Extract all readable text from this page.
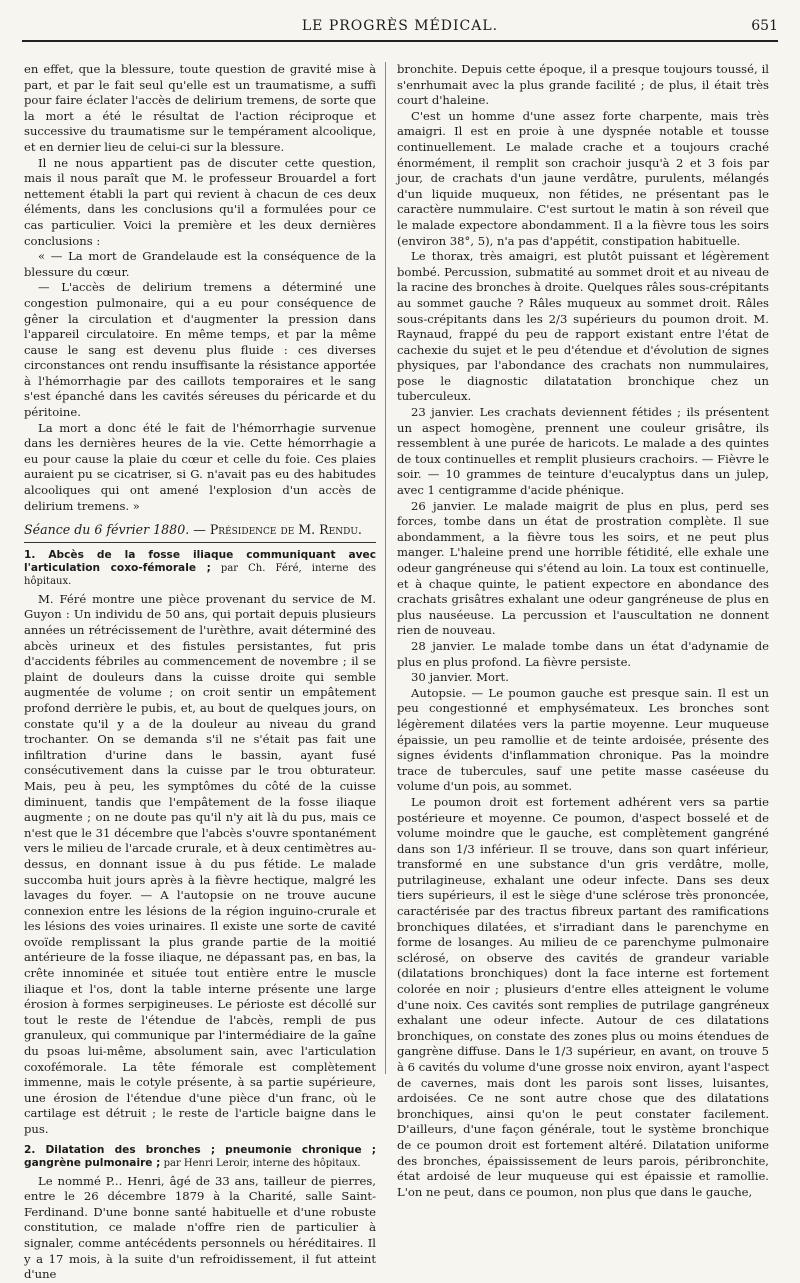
LE PROGRÈS MÉDICAL.	651

en effet, que la blessure, toute question de gravité mise à part, et par le fait seul qu'elle est un traumatisme, a suffi pour faire éclater l'accès de delirium tremens, de sorte que la mort a été le résultat de l'action réciproque et successive du traumatisme sur le tempérament alcoolique, et en dernier lieu de celui-ci sur la blessure.

Il ne nous appartient pas de discuter cette question, mais il nous paraît que M. le professeur Brouardel a fort nettement établi la part qui revient à chacun de ces deux éléments, dans les conclusions qu'il a formulées pour ce cas particulier. Voici la première et les deux dernières conclusions :

« — La mort de Grandelaude est la conséquence de la blessure du cœur.

— L'accès de delirium tremens a déterminé une congestion pulmonaire, qui a eu pour conséquence de gêner la circulation et d'augmenter la pression dans l'appareil circulatoire. En même temps, et par la même cause le sang est devenu plus fluide : ces diverses circonstances ont rendu insuffisante la résistance apportée à l'hémorrhagie par des caillots temporaires et le sang s'est épanché dans les cavités séreuses du péricarde et du péritoine.

La mort a donc été le fait de l'hémorrhagie survenue dans les dernières heures de la vie. Cette hémorrhagie a eu pour cause la plaie du cœur et celle du foie. Ces plaies auraient pu se cicatriser, si G. n'avait pas eu des habitudes alcooliques qui ont amené l'explosion d'un accès de delirium tremens. »

Séance du 6 février 1880. — Présidence de M. Rendu.

1. Abcès de la fosse iliaque communiquant avec l'articulation coxo-fémorale ; par Ch. Féré, interne des hôpitaux.

M. Féré montre une pièce provenant du service de M. Guyon : Un individu de 50 ans, qui portait depuis plusieurs années un rétrécissement de l'urèthre, avait déterminé des abcès urineux et des fistules persistantes, fut pris d'accidents fébriles au commencement de novembre ; il se plaint de douleurs dans la cuisse droite qui semble augmentée de volume ; on croit sentir un empâtement profond derrière le pubis, et, au bout de quelques jours, on constate qu'il y a de la douleur au niveau du grand trochanter. On se demanda s'il ne s'était pas fait une infiltration d'urine dans le bassin, ayant fusé consécutivement dans la cuisse par le trou obturateur. Mais, peu à peu, les symptômes du côté de la cuisse diminuent, tandis que l'empâtement de la fosse iliaque augmente ; on ne doute pas qu'il n'y ait là du pus, mais ce n'est que le 31 décembre que l'abcès s'ouvre spontanément vers le milieu de l'arcade crurale, et à deux centimètres au-dessus, en donnant issue à du pus fétide. Le malade succomba huit jours après à la fièvre hectique, malgré les lavages du foyer. — A l'autopsie on ne trouve aucune connexion entre les lésions de la région inguino-crurale et les lésions des voies urinaires. Il existe une sorte de cavité ovoïde remplissant la plus grande partie de la moitié antérieure de la fosse iliaque, ne dépassant pas, en bas, la crête innominée et située tout entière entre le muscle iliaque et l'os, dont la table interne présente une large érosion à formes serpigineuses. Le périoste est décollé sur tout le reste de l'étendue de l'abcès, rempli de pus granuleux, qui communique par l'intermédiaire de la gaîne du psoas lui-même, absolument sain, avec l'articulation coxofémorale. La tête fémorale est complètement immenne, mais le cotyle présente, à sa partie supérieure, une érosion de l'étendue d'une pièce d'un franc, où le cartilage est détruit ; le reste de l'article baigne dans le pus.

2. Dilatation des bronches ; pneumonie chronique ; gangrène pulmonaire ; par Henri Leroir, interne des hôpitaux.

Le nommé P... Henri, âgé de 33 ans, tailleur de pierres, entre le 26 décembre 1879 à la Charité, salle Saint-Ferdinand. D'une bonne santé habituelle et d'une robuste constitution, ce malade n'offre rien de particulier à signaler, comme antécédents personnels ou héréditaires. Il y a 17 mois, à la suite d'un refroidissement, il fut atteint d'une

bronchite. Depuis cette époque, il a presque toujours toussé, il s'enrhumait avec la plus grande facilité ; de plus, il était très court d'haleine.

C'est un homme d'une assez forte charpente, mais très amaigri. Il est en proie à une dyspnée notable et tousse continuellement. Le malade crache et a toujours craché énormément, il remplit son crachoir jusqu'à 2 et 3 fois par jour, de crachats d'un jaune verdâtre, purulents, mélangés d'un liquide muqueux, non fétides, ne présentant pas le caractère nummulaire. C'est surtout le matin à son réveil que le malade expectore abondamment. Il a la fièvre tous les soirs (environ 38°, 5), n'a pas d'appétit, constipation habituelle.

Le thorax, très amaigri, est plutôt puissant et légèrement bombé. Percussion, submatité au sommet droit et au niveau de la racine des bronches à droite. Quelques râles sous-crépitants au sommet gauche ? Râles muqueux au sommet droit. Râles sous-crépitants dans les 2/3 supérieurs du poumon droit. M. Raynaud, frappé du peu de rapport existant entre l'état de cachexie du sujet et le peu d'étendue et d'évolution de signes physiques, par l'abondance des crachats non nummulaires, pose le diagnostic dilatatation bronchique chez un tuberculeux.

23 janvier. Les crachats deviennent fétides ; ils présentent un aspect homogène, prennent une couleur grisâtre, ils ressemblent à une purée de haricots. Le malade a des quintes de toux continuelles et remplit plusieurs crachoirs. — Fièvre le soir. — 10 grammes de teinture d'eucalyptus dans un julep, avec 1 centigramme d'acide phénique.

26 janvier. Le malade maigrit de plus en plus, perd ses forces, tombe dans un état de prostration complète. Il sue abondamment, a la fièvre tous les soirs, et ne peut plus manger. L'haleine prend une horrible fétidité, elle exhale une odeur gangréneuse qui s'étend au loin. La toux est continuelle, et à chaque quinte, le patient expectore en abondance des crachats grisâtres exhalant une odeur gangréneuse de plus en plus nauséeuse. La percussion et l'auscultation ne donnent rien de nouveau.

28 janvier. Le malade tombe dans un état d'adynamie de plus en plus profond. La fièvre persiste.

30 janvier. Mort.

Autopsie. — Le poumon gauche est presque sain. Il est un peu congestionné et emphysémateux. Les bronches sont légèrement dilatées vers la partie moyenne. Leur muqueuse épaissie, un peu ramollie et de teinte ardoisée, présente des signes évidents d'inflammation chronique. Pas la moindre trace de tubercules, sauf une petite masse caséeuse du volume d'un pois, au sommet.

Le poumon droit est fortement adhérent vers sa partie postérieure et moyenne. Ce poumon, d'aspect bosselé et de volume moindre que le gauche, est complètement gangréné dans son 1/3 inférieur. Il se trouve, dans son quart inférieur, transformé en une substance d'un gris verdâtre, molle, putrilagineuse, exhalant une odeur infecte. Dans ses deux tiers supérieurs, il est le siège d'une sclérose très prononcée, caractérisée par des tractus fibreux partant des ramifications bronchiques dilatées, et s'irradiant dans le parenchyme en forme de losanges. Au milieu de ce parenchyme pulmonaire sclérosé, on observe des cavités de grandeur variable (dilatations bronchiques) dont la face interne est fortement colorée en noir ; plusieurs d'entre elles atteignent le volume d'une noix. Ces cavités sont remplies de putrilage gangréneux exhalant une odeur infecte. Autour de ces dilatations bronchiques, on constate des zones plus ou moins étendues de gangrène diffuse. Dans le 1/3 supérieur, en avant, on trouve 5 à 6 cavités du volume d'une grosse noix environ, ayant l'aspect de cavernes, mais dont les parois sont lisses, luisantes, ardoisées. Ce ne sont autre chose que des dilatations bronchiques, ainsi qu'on le peut constater facilement. D'ailleurs, d'une façon générale, tout le système bronchique de ce poumon droit est fortement altéré. Dilatation uniforme des bronches, épaississement de leurs parois, péribronchite, état ardoisé de leur muqueuse qui est épaissie et ramollie. L'on ne peut, dans ce poumon, non plus que dans le gauche,
